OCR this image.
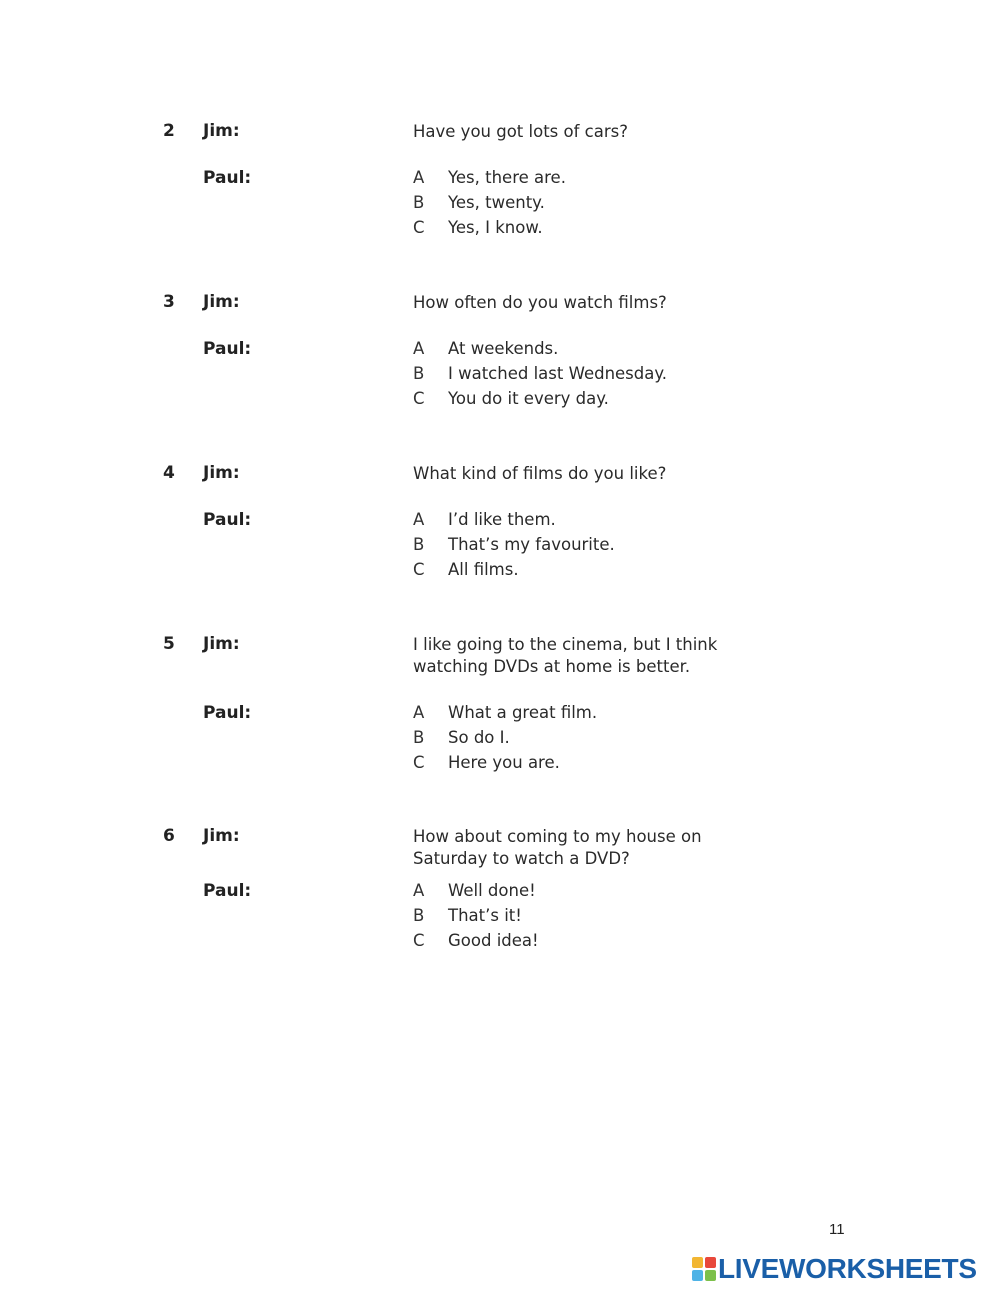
2 Jim:	Have you got lots of cars?
Paul:	A Yes, there are.
B Yes, twenty.
C Yes, I know.
3 Jim:	How often do you watch films?
Paul:	A At weekends.
B I watched last Wednesday.
C You do it every day.
4 Jim:	What kind of films do you like?
Paul:	A I’d like them.
B That’s my favourite.
C All films.
5 Jim:	I like going to the cinema, but I think
watching DVDs at home is better.
Paul:	A What a great film.
B So do I.
C Here you are.
6 Jim:	How about coming to my house on
Saturday to watch a DVD?
Paul:	A Well done!
B That’s it!
C Good idea!
11
LIVEWORKSHEETS
